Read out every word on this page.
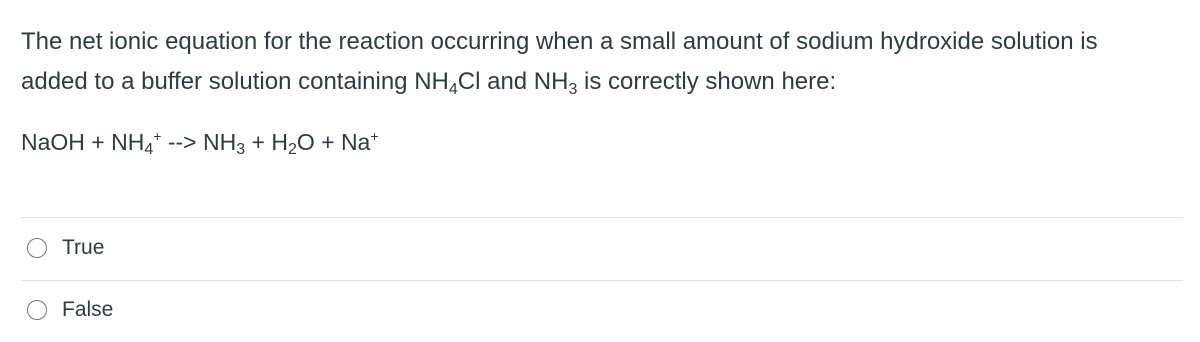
The net ionic equation for the reaction occurring when a small amount of sodium hydroxide solution is

added to a buffer solution containing $NH_4Cl$ and $NH_3$ is correctly shown here:

NaOH + $NH_4^+$ --> $NH_3 + H_2O + Na^+$
True
False
